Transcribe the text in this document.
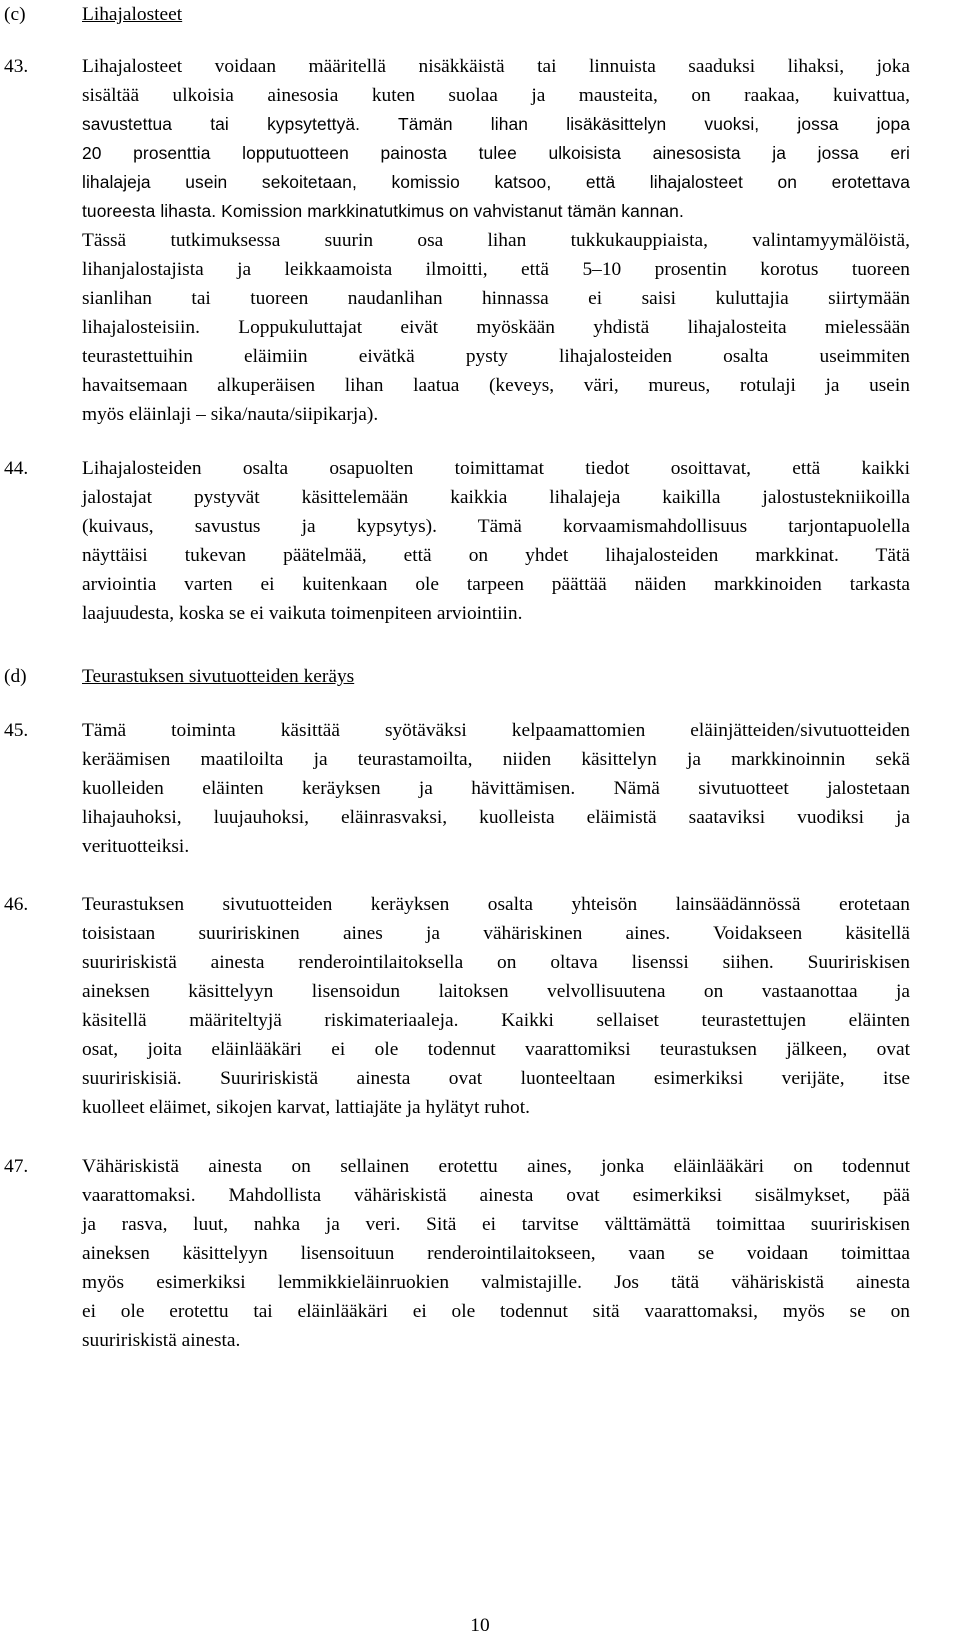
(c)	Lihajalosteet
43.	Lihajalosteet voidaan määritellä nisäkkäistä tai linnuista saaduksi lihaksi, joka
sisältää ulkoisia ainesosia kuten suolaa ja mausteita, on raakaa, kuivattua,
savustettua tai kypsytettyä. Tämän lihan lisäkäsittelyn vuoksi, jossa jopa
20 prosenttia lopputuotteen painosta tulee ulkoisista ainesosista ja jossa eri
lihalajeja usein sekoitetaan, komissio katsoo, että lihajalosteet on erotettava
tuoreesta lihasta. Komission markkinatutkimus on vahvistanut tämän kannan.
Tässä tutkimuksessa suurin osa lihan tukkukauppiaista, valintamyymälöistä,
lihanjalostajista ja leikkaamoista ilmoitti, että 5–10 prosentin korotus tuoreen
sianlihan tai tuoreen naudanlihan hinnassa ei saisi kuluttajia siirtymään
lihajalosteisiin. Loppukuluttajat eivät myöskään yhdistä lihajalosteita mielessään
teurastettuihin eläimiin eivätkä pysty lihajalosteiden osalta useimmiten
havaitsemaan alkuperäisen lihan laatua (keveys, väri, mureus, rotulaji ja usein
myös eläinlaji – sika/nauta/siipikarja).
44.	Lihajalosteiden osalta osapuolten toimittamat tiedot osoittavat, että kaikki
jalostajat pystyvät käsittelemään kaikkia lihalajeja kaikilla jalostustekniikoilla
(kuivaus, savustus ja kypsytys). Tämä korvaamismahdollisuus tarjontapuolella
näyttäisi tukevan päätelmää, että on yhdet lihajalosteiden markkinat. Tätä
arviointia varten ei kuitenkaan ole tarpeen päättää näiden markkinoiden tarkasta
laajuudesta, koska se ei vaikuta toimenpiteen arviointiin.
(d)	Teurastuksen sivutuotteiden keräys
45.	Tämä toiminta käsittää syötäväksi kelpaamattomien eläinjätteiden/sivutuotteiden
keräämisen maatiloilta ja teurastamoilta, niiden käsittelyn ja markkinoinnin sekä
kuolleiden eläinten keräyksen ja hävittämisen. Nämä sivutuotteet jalostetaan
lihajauhoksi, luujauhoksi, eläinrasvaksi, kuolleista eläimistä saataviksi vuodiksi ja
verituotteiksi.
46.	Teurastuksen sivutuotteiden keräyksen osalta yhteisön lainsäädännössä erotetaan
toisistaan suuririskinen aines ja vähäriskinen aines. Voidakseen käsitellä
suuririskistä ainesta renderointilaitoksella on oltava lisenssi siihen. Suuririskisen
aineksen käsittelyyn lisensoidun laitoksen velvollisuutena on vastaanottaa ja
käsitellä määriteltyjä riskimateriaaleja. Kaikki sellaiset teurastettujen eläinten
osat, joita eläinlääkäri ei ole todennut vaarattomiksi teurastuksen jälkeen, ovat
suuririskisiä. Suuririskistä ainesta ovat luonteeltaan esimerkiksi verijäte, itse
kuolleet eläimet, sikojen karvat, lattiajäte ja hylätyt ruhot.
47.	Vähäriskistä ainesta on sellainen erotettu aines, jonka eläinlääkäri on todennut
vaarattomaksi. Mahdollista vähäriskistä ainesta ovat esimerkiksi sisälmykset, pää
ja rasva, luut, nahka ja veri. Sitä ei tarvitse välttämättä toimittaa suuririskisen
aineksen käsittelyyn lisensoituun renderointilaitokseen, vaan se voidaan toimittaa
myös esimerkiksi lemmikkieläinruokien valmistajille. Jos tätä vähäriskistä ainesta
ei ole erotettu tai eläinlääkäri ei ole todennut sitä vaarattomaksi, myös se on
suuririskistä ainesta.
10
